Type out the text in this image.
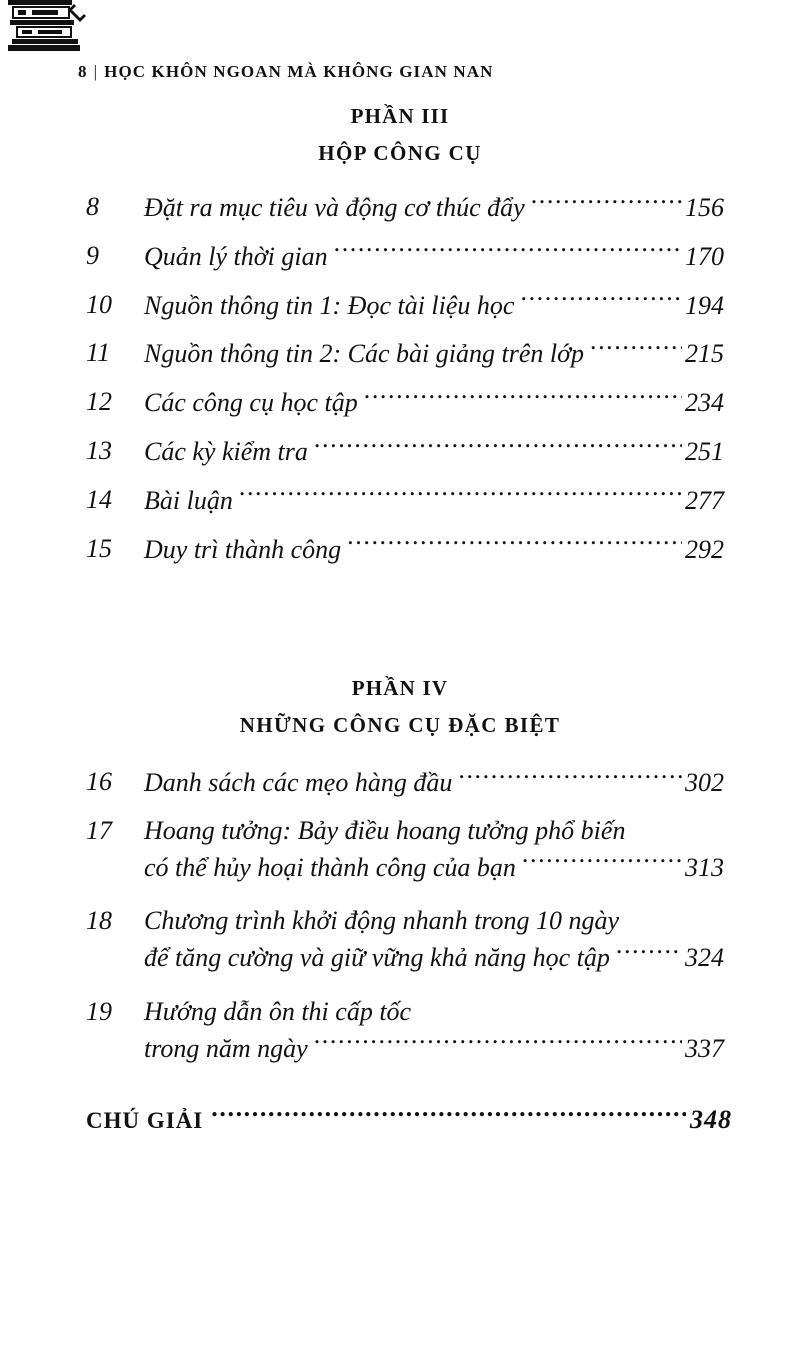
8 | HỌC KHÔN NGOAN MÀ KHÔNG GIAN NAN
PHẦN III
HỘP CÔNG CỤ
8	Đặt ra mục tiêu và động cơ thúc đẩy .....	156
9	Quản lý thời gian .....	170
10	Nguồn thông tin 1: Đọc tài liệu học .....	194
11	Nguồn thông tin 2: Các bài giảng trên lớp .....	215
12	Các công cụ học tập .....	234
13	Các kỳ kiểm tra .....	251
14	Bài luận .....	277
15	Duy trì thành công .....	292
PHẦN IV
NHỮNG CÔNG CỤ ĐẶC BIỆT
16	Danh sách các mẹo hàng đầu .....	302
17	Hoang tưởng: Bảy điều hoang tưởng phổ biến
có thể hủy hoại thành công của bạn .....	313
18	Chương trình khởi động nhanh trong 10 ngày
để tăng cường và giữ vững khả năng học tập .....	324
19	Hướng dẫn ôn thi cấp tốc
trong năm ngày .....	337
CHÚ GIẢI .....	348
